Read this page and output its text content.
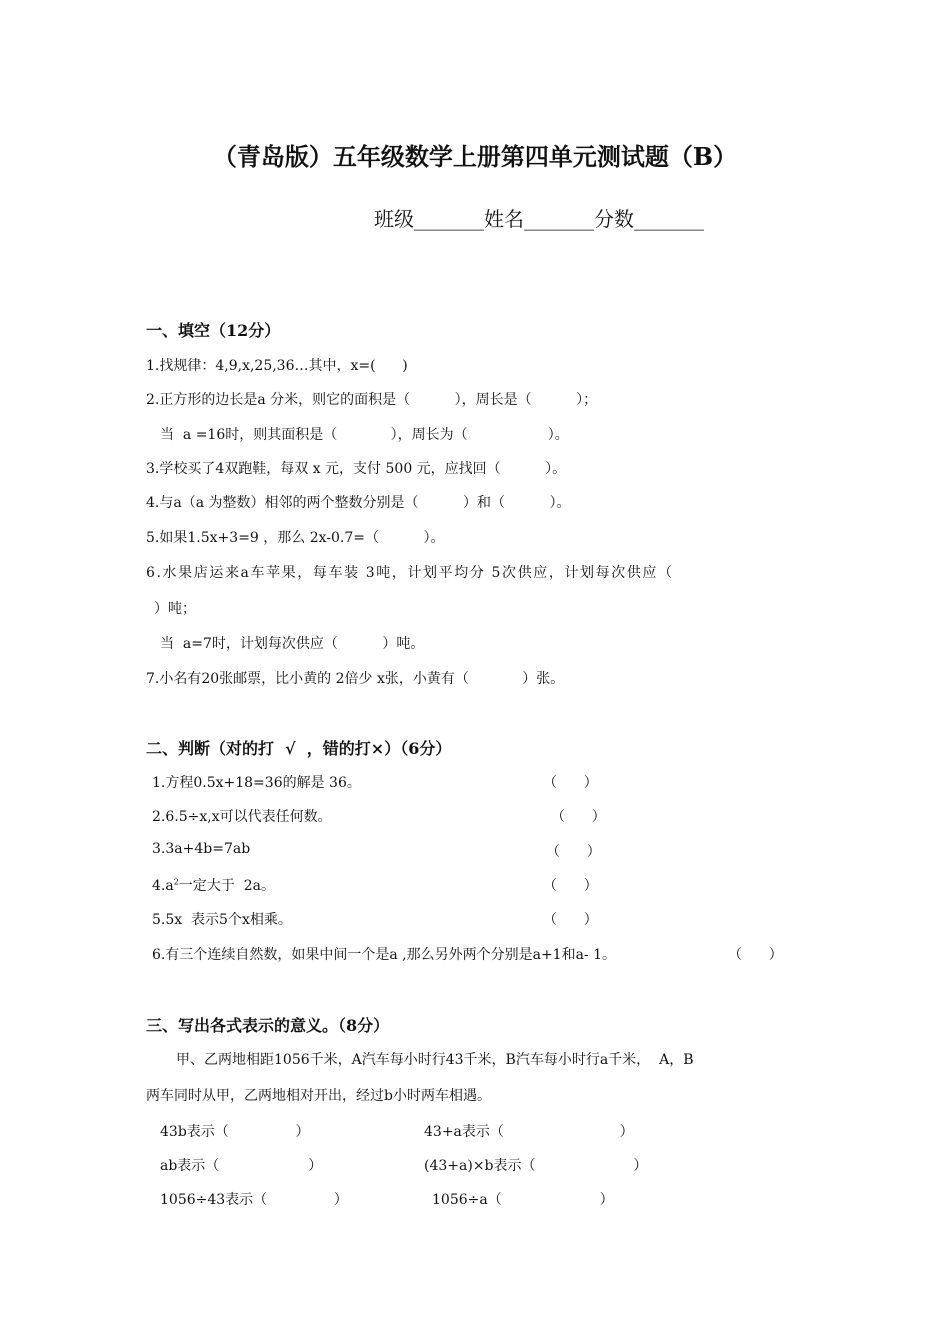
（青岛版）五年级数学上册第四单元测试题（B）
班级_______姓名_______分数_______
一、填空（12分）
1.找规律：4,9,x,25,36…其中，x=(      )
2.正方形的边长是a 分米，则它的面积是（          ），周长是（          ）；
当  a =16时，则其面积是（            ），周长为（                  ）。
3.学校买了4双跑鞋，每双 x 元，支付 500 元，应找回（          ）。
4.与a（a 为整数）相邻的两个整数分别是（          ）和（          ）。
5.如果1.5x+3=9 ，那么 2x-0.7=（          ）。
6.水果店运来a车苹果，每车装 3吨，计划平均分 5次供应，计划每次供应（
）吨；
当  a=7时，计划每次供应（          ）吨。
7.小名有20张邮票，比小黄的 2倍少 x张，小黄有（            ）张。
二、判断（对的打  √  ，错的打×）（6分）
1.方程0.5x+18=36的解是 36。	（      ）
2.6.5÷x,x可以代表任何数。	（      ）
3.3a+4b=7ab	（      ）
$4.a^2$一定大于  2a。	（      ）
5.5x  表示5个x相乘。	（      ）
6.有三个连续自然数，如果中间一个是a ,那么另外两个分别是a+1和a- 1。	（      ）
三、写出各式表示的意义。（8分）
甲、乙两地相距1056千米，A汽车每小时行43千米，B汽车每小时行a千米，  A，B
两车同时从甲，乙两地相对开出，经过b小时两车相遇。
43b表示（               ）	43+a表示（                          ）
ab表示（                    ）	(43+a)×b表示（                      ）
1056÷43表示（               ）	1056÷a（                      ）
